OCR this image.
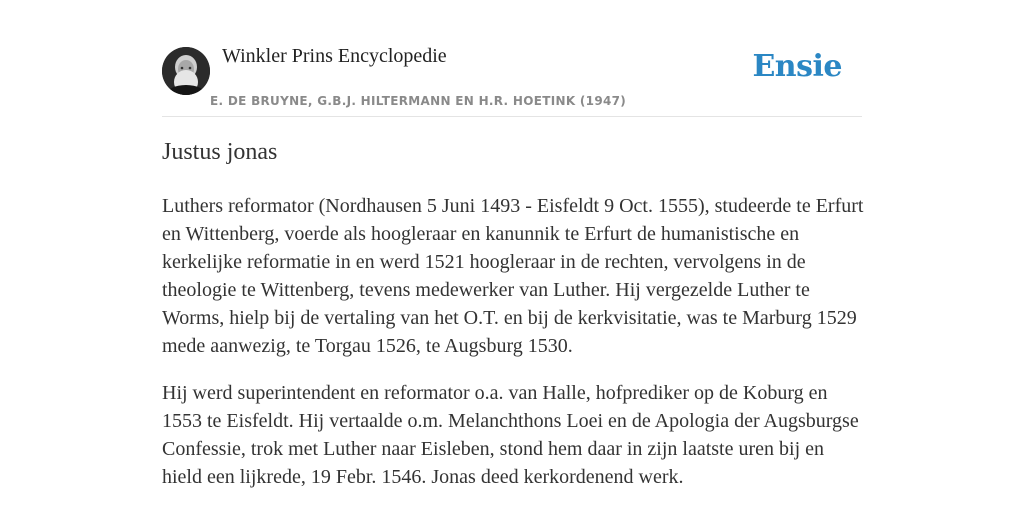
Winkler Prins Encyclopedie
E. DE BRUYNE, G.B.J. HILTERMANN EN H.R. HOETINK (1947)
Ensie
Justus jonas

Luthers reformator (Nordhausen 5 Juni 1493 - Eisfeldt 9 Oct. 1555), studeerde te Erfurt en Wittenberg, voerde als hoogleraar en kanunnik te Erfurt de humanistische en kerkelijke reformatie in en werd 1521 hoogleraar in de rechten, vervolgens in de theologie te Wittenberg, tevens medewerker van Luther. Hij vergezelde Luther te Worms, hielp bij de vertaling van het O.T. en bij de kerkvisitatie, was te Marburg 1529 mede aanwezig, te Torgau 1526, te Augsburg 1530.

Hij werd superintendent en reformator o.a. van Halle, hofprediker op de Koburg en 1553 te Eisfeldt. Hij vertaalde o.m. Melanchthons Loei en de Apologia der Augsburgse Confessie, trok met Luther naar Eisleben, stond hem daar in zijn laatste uren bij en hield een lijkrede, 19 Febr. 1546. Jonas deed kerkordenend werk.
